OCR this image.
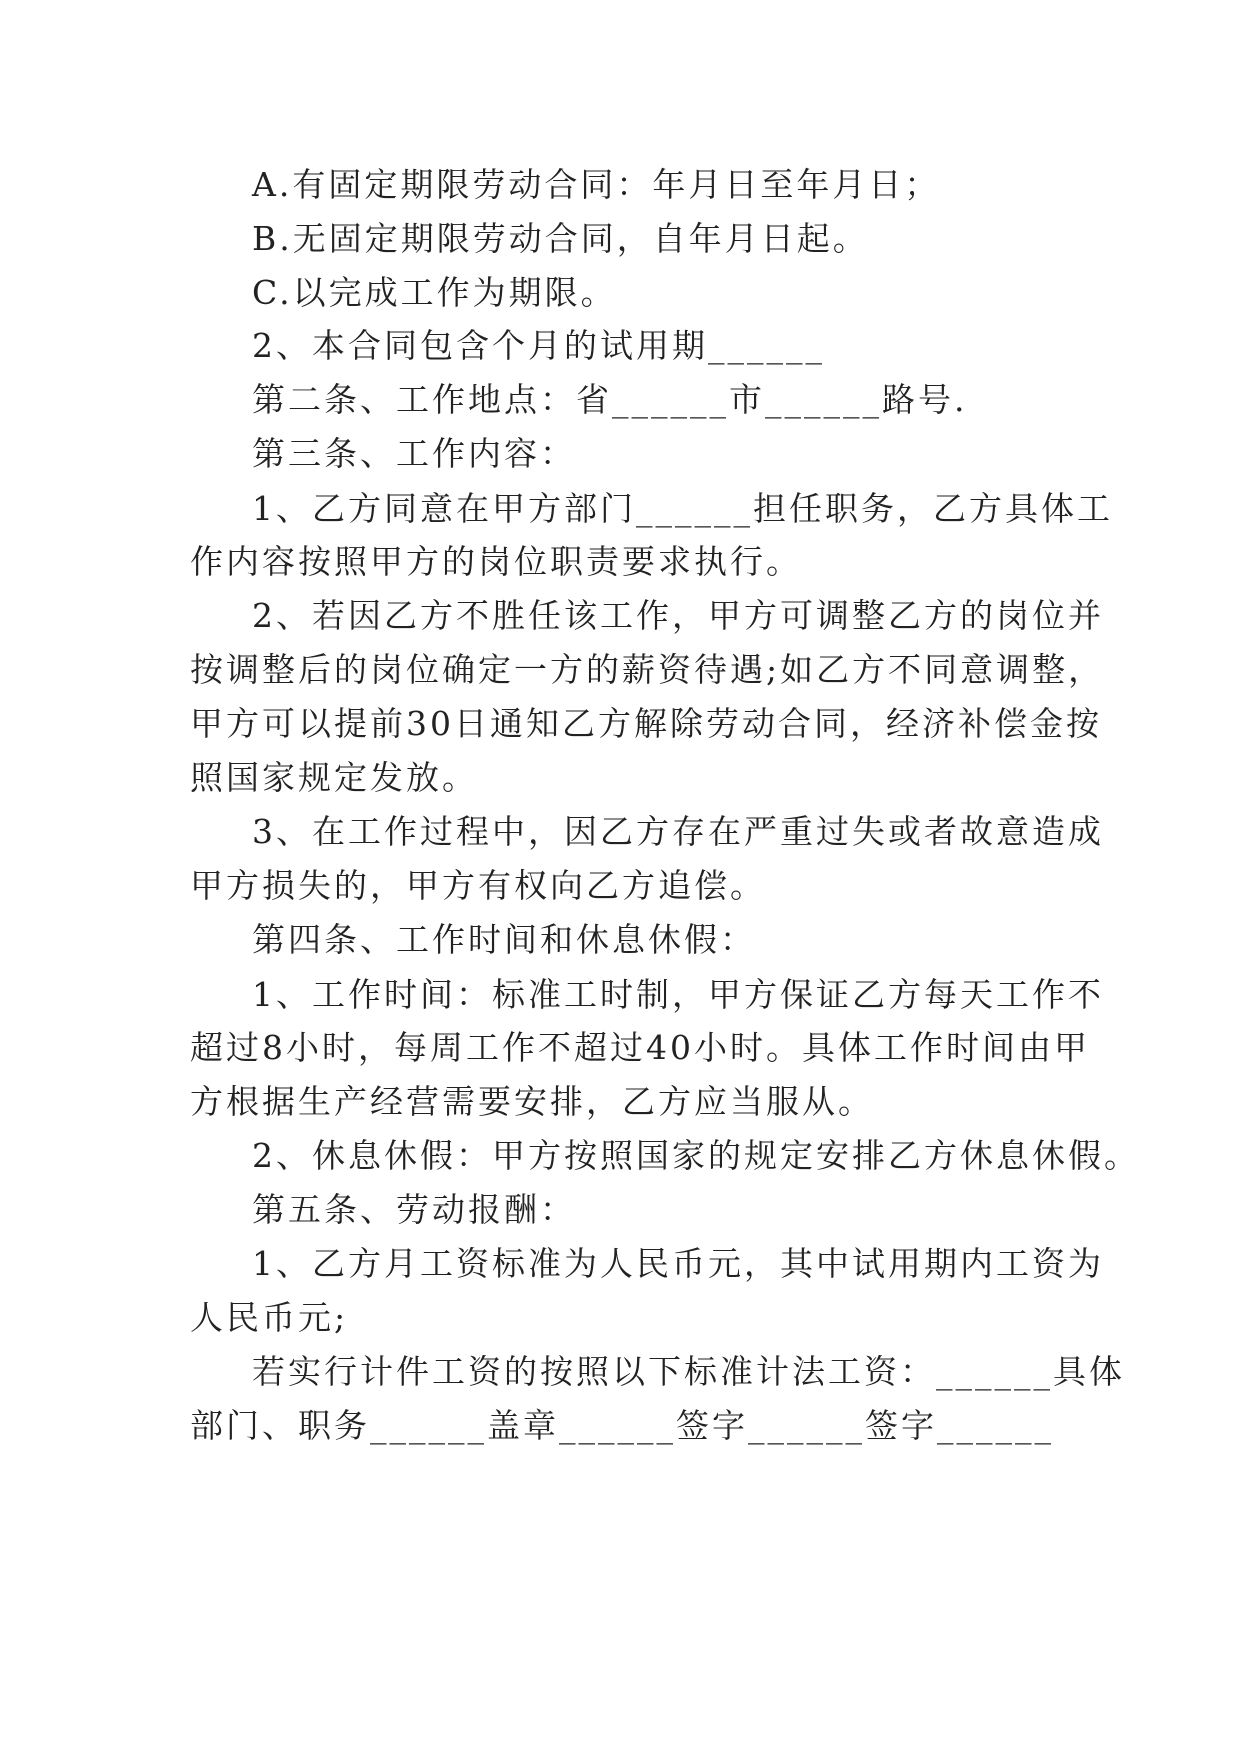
A.有固定期限劳动合同：年月日至年月日；
B.无固定期限劳动合同，自年月日起。
C.以完成工作为期限。
2、本合同包含个月的试用期______
第二条、工作地点：省______市______路号.
第三条、工作内容：
1、乙方同意在甲方部门______担任职务，乙方具体工
作内容按照甲方的岗位职责要求执行。
2、若因乙方不胜任该工作，甲方可调整乙方的岗位并
按调整后的岗位确定一方的薪资待遇;如乙方不同意调整，
甲方可以提前30日通知乙方解除劳动合同，经济补偿金按
照国家规定发放。
3、在工作过程中，因乙方存在严重过失或者故意造成
甲方损失的，甲方有权向乙方追偿。
第四条、工作时间和休息休假：
1、工作时间：标准工时制，甲方保证乙方每天工作不
超过8小时，每周工作不超过40小时。具体工作时间由甲
方根据生产经营需要安排，乙方应当服从。
2、休息休假：甲方按照国家的规定安排乙方休息休假。
第五条、劳动报酬：
1、乙方月工资标准为人民币元，其中试用期内工资为
人民币元;
若实行计件工资的按照以下标准计法工资：______具体
部门、职务______盖章______签字______签字______
